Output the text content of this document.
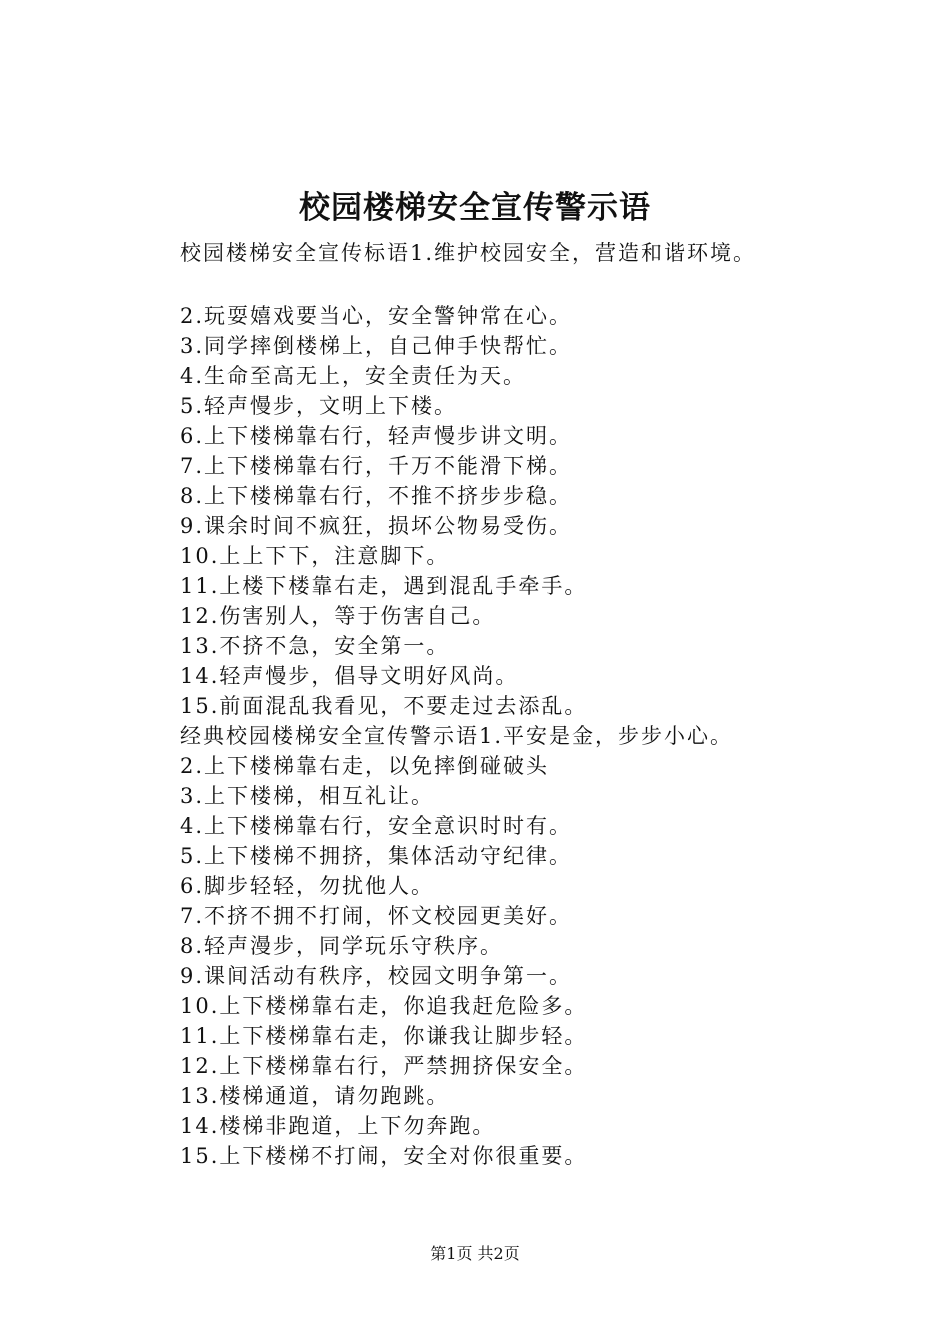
校园楼梯安全宣传警示语
校园楼梯安全宣传标语1.维护校园安全，营造和谐环境。
2.玩耍嬉戏要当心，安全警钟常在心。
3.同学摔倒楼梯上，自己伸手快帮忙。
4.生命至高无上，安全责任为天。
5.轻声慢步，文明上下楼。
6.上下楼梯靠右行，轻声慢步讲文明。
7.上下楼梯靠右行，千万不能滑下梯。
8.上下楼梯靠右行，不推不挤步步稳。
9.课余时间不疯狂，损坏公物易受伤。
10.上上下下，注意脚下。
11.上楼下楼靠右走，遇到混乱手牵手。
12.伤害别人，等于伤害自己。
13.不挤不急，安全第一。
14.轻声慢步，倡导文明好风尚。
15.前面混乱我看见，不要走过去添乱。
经典校园楼梯安全宣传警示语1.平安是金，步步小心。
2.上下楼梯靠右走，以免摔倒碰破头
3.上下楼梯，相互礼让。
4.上下楼梯靠右行，安全意识时时有。
5.上下楼梯不拥挤，集体活动守纪律。
6.脚步轻轻，勿扰他人。
7.不挤不拥不打闹，怀文校园更美好。
8.轻声漫步，同学玩乐守秩序。
9.课间活动有秩序，校园文明争第一。
10.上下楼梯靠右走，你追我赶危险多。
11.上下楼梯靠右走，你谦我让脚步轻。
12.上下楼梯靠右行，严禁拥挤保安全。
13.楼梯通道，请勿跑跳。
14.楼梯非跑道，上下勿奔跑。
15.上下楼梯不打闹，安全对你很重要。
第1页 共2页
